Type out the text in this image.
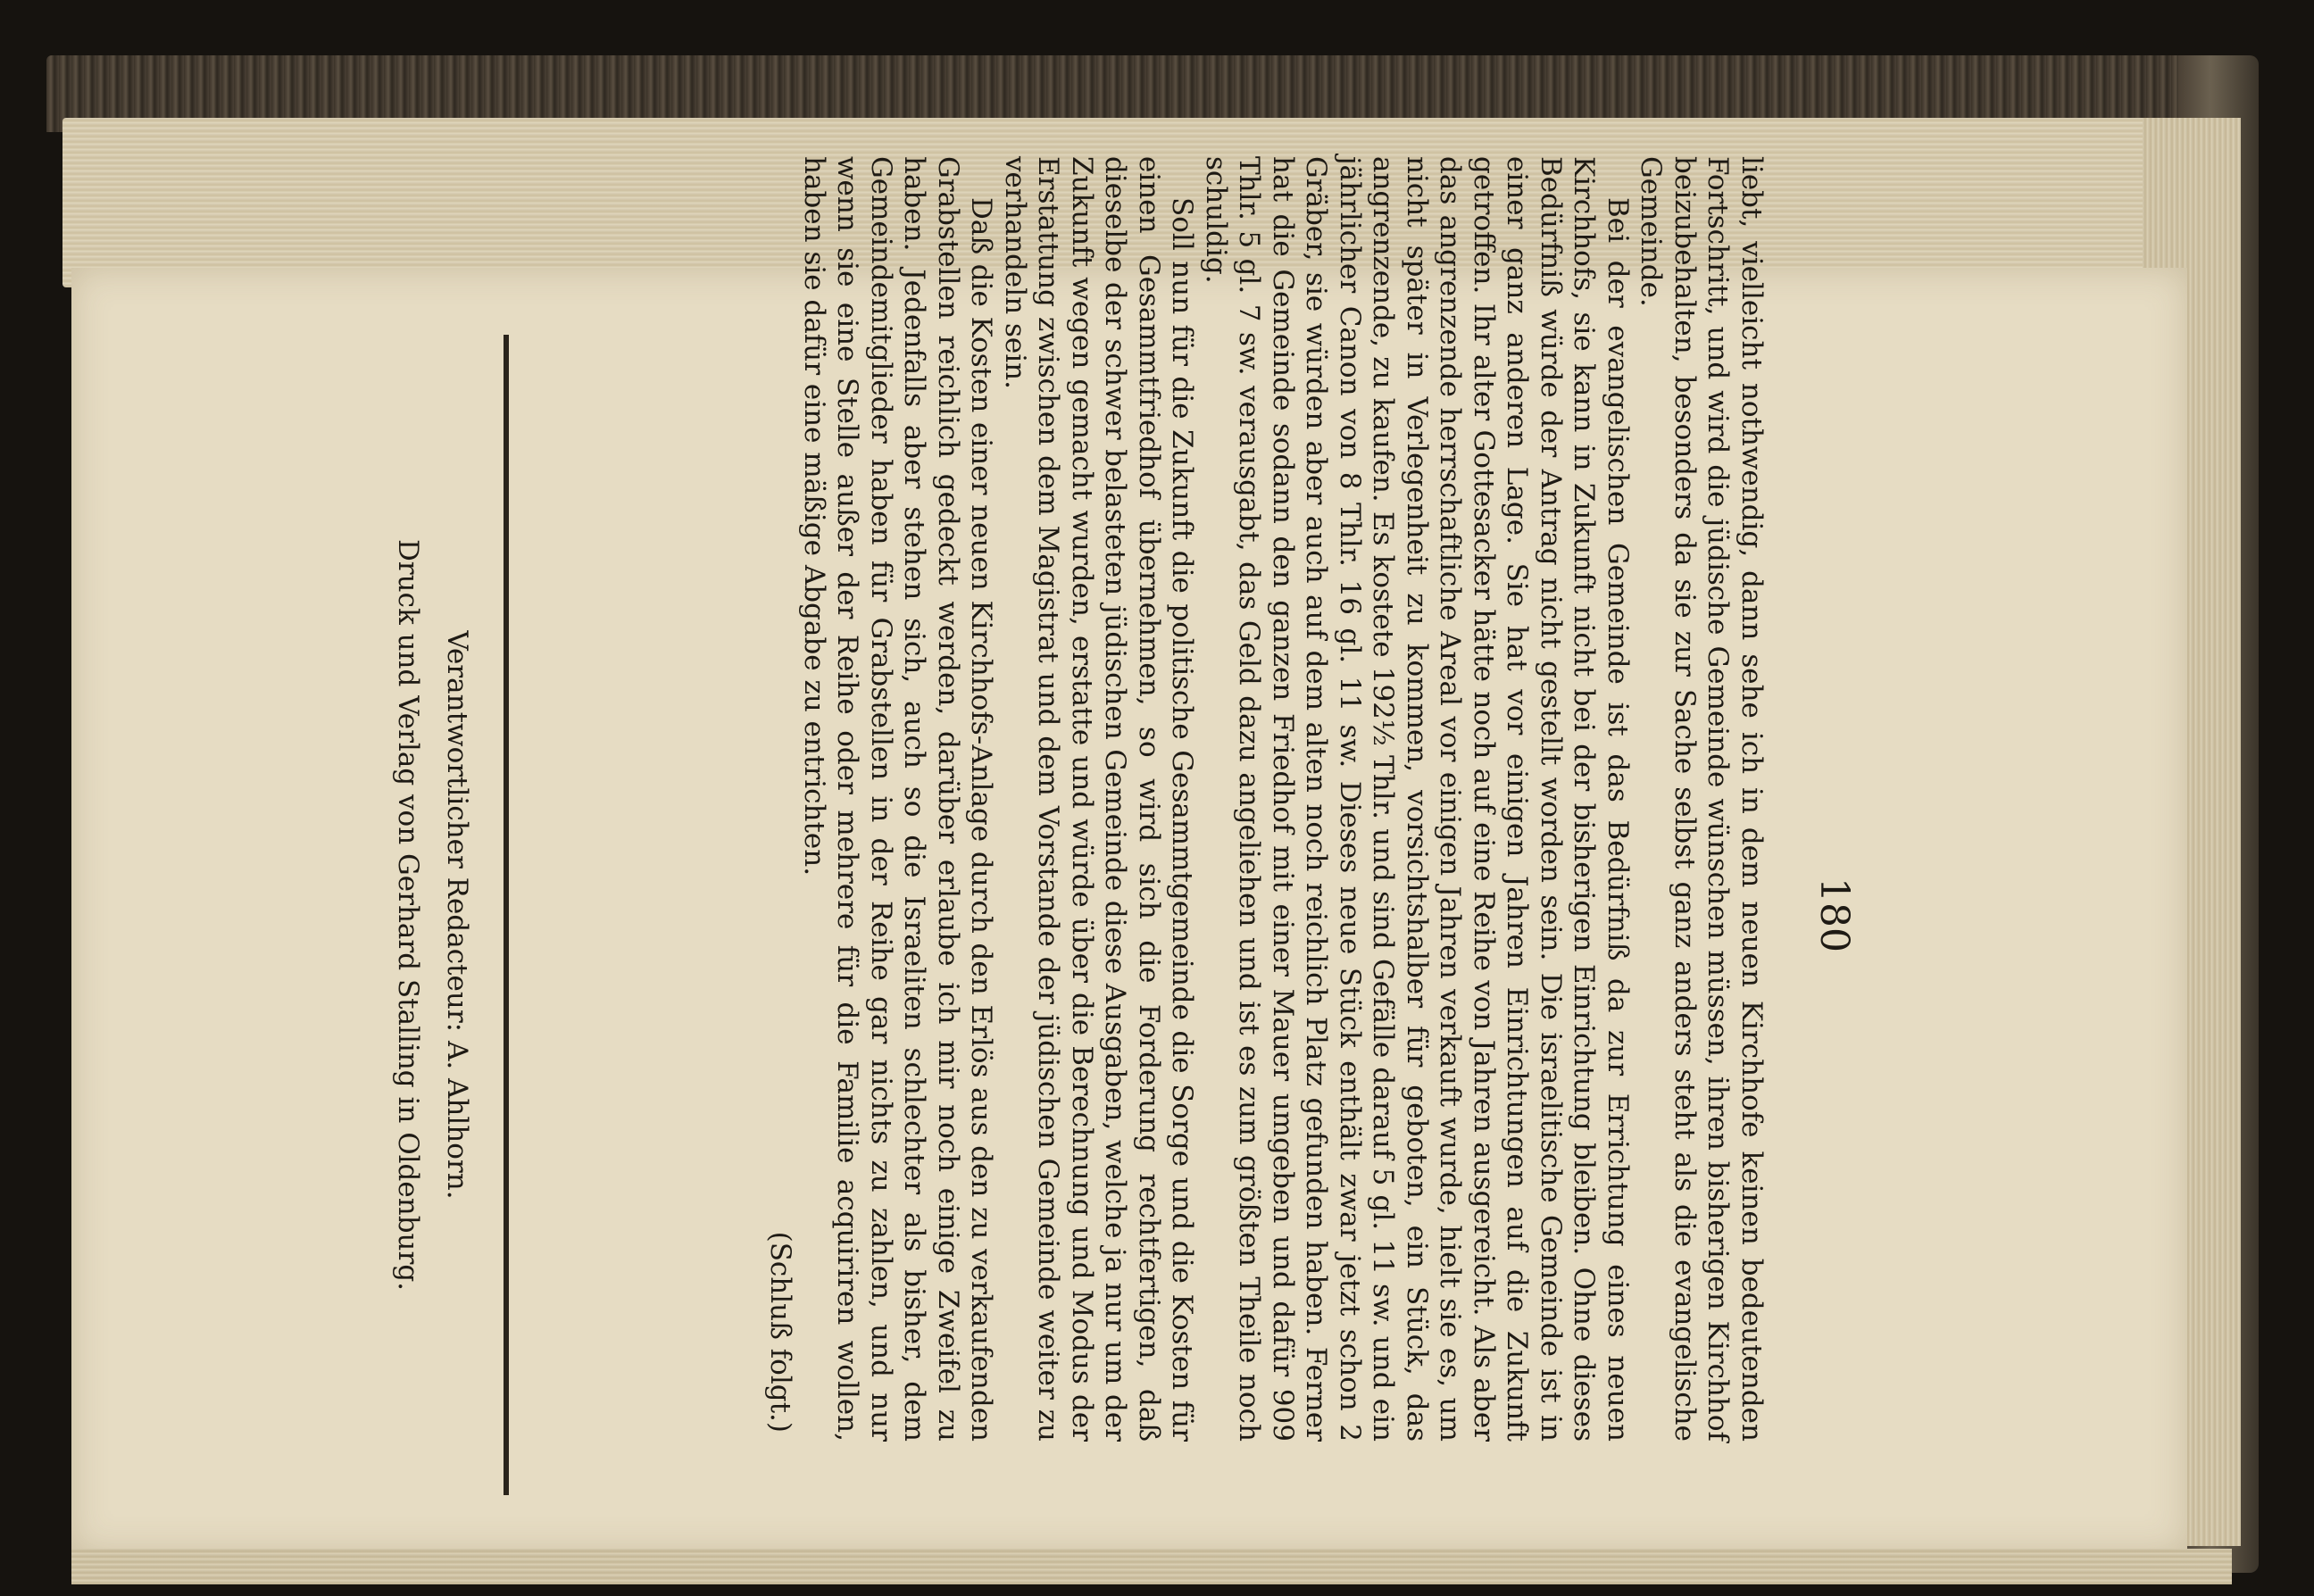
180

liebt, vielleicht nothwendig, dann sehe ich in dem neuen Kirchhofe keinen bedeutenden Fortschritt, und wird die jüdische Gemeinde wünschen müssen, ihren bisherigen Kirchhof beizubehalten, besonders da sie zur Sache selbst ganz anders steht als die evangelische Gemeinde.

Bei der evangelischen Gemeinde ist das Bedürfniß da zur Errichtung eines neuen Kirchhofs, sie kann in Zukunft nicht bei der bisherigen Einrichtung bleiben. Ohne dieses Bedürfniß würde der Antrag nicht gestellt worden sein. Die israelitische Gemeinde ist in einer ganz anderen Lage. Sie hat vor einigen Jahren Einrichtungen auf die Zukunft getroffen. Ihr alter Gottesacker hätte noch auf eine Reihe von Jahren ausgereicht. Als aber das angrenzende herrschaftliche Areal vor einigen Jahren verkauft wurde, hielt sie es, um nicht später in Verlegenheit zu kommen, vorsichtshalber für geboten, ein Stück, das angrenzende, zu kaufen. Es kostete 192½ Thlr. und sind Gefälle darauf 5 gl. 11 sw. und ein jährlicher Canon von 8 Thlr. 16 gl. 11 sw. Dieses neue Stück enthält zwar jetzt schon 2 Gräber, sie würden aber auch auf dem alten noch reichlich Platz gefunden haben. Ferner hat die Gemeinde sodann den ganzen Friedhof mit einer Mauer umgeben und dafür 909 Thlr. 5 gl. 7 sw. verausgabt, das Geld dazu angeliehen und ist es zum größten Theile noch schuldig.

Soll nun für die Zukunft die politische Gesammtgemeinde die Sorge und die Kosten für einen Gesammtfriedhof übernehmen, so wird sich die Forderung rechtfertigen, daß dieselbe der schwer belasteten jüdischen Gemeinde diese Ausgaben, welche ja nur um der Zukunft wegen gemacht wurden, erstatte und würde über die Berechnung und Modus der Erstattung zwischen dem Magistrat und dem Vorstande der jüdischen Gemeinde weiter zu verhandeln sein.

Daß die Kosten einer neuen Kirchhofs-Anlage durch den Erlös aus den zu verkaufenden Grabstellen reichlich gedeckt werden, darüber erlaube ich mir noch einige Zweifel zu haben. Jedenfalls aber stehen sich, auch so die Israeliten schlechter als bisher, dem Gemeindemitglieder haben für Grabstellen in der Reihe gar nichts zu zahlen, und nur wenn sie eine Stelle außer der Reihe oder mehrere für die Familie acquiriren wollen, haben sie dafür eine mäßige Abgabe zu entrichten.

(Schluß folgt.)

Verantwortlicher Redacteur: A. Ahlhorn.
Druck und Verlag von Gerhard Stalling in Oldenburg.
